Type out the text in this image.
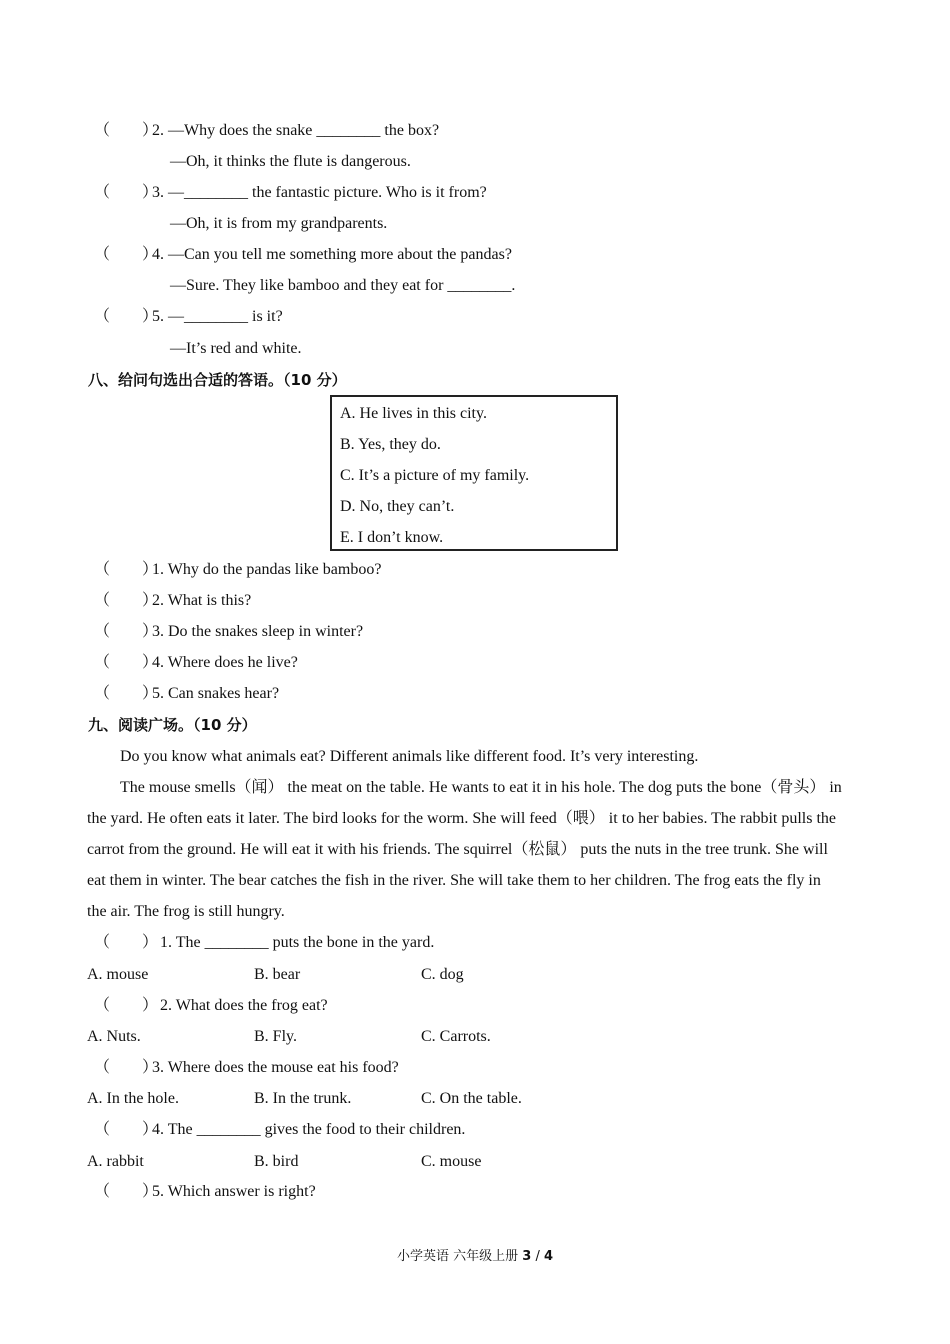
（　　）2. —Why does the snake ________ the box?
—Oh, it thinks the flute is dangerous.
（　　）3. —________ the fantastic picture. Who is it from?
—Oh, it is from my grandparents.
（　　）4. —Can you tell me something more about the pandas?
—Sure. They like bamboo and they eat for ________.
（　　）5. —________ is it?
—It’s red and white.
八、给问句选出合适的答语。（10 分）
A. He lives in this city.
B. Yes, they do.
C. It’s a picture of my family.
D. No, they can’t.
E. I don’t know.
（　　）1. Why do the pandas like bamboo?
（　　）2. What is this?
（　　）3. Do the snakes sleep in winter?
（　　）4. Where does he live?
（　　）5. Can snakes hear?
九、阅读广场。（10 分）
Do you know what animals eat? Different animals like different food. It’s very interesting.
The mouse smells（闻） the meat on the table. He wants to eat it in his hole. The dog puts the bone（骨头） in
the yard. He often eats it later. The bird looks for the worm. She will feed（喂） it to her babies. The rabbit pulls the
carrot from the ground. He will eat it with his friends. The squirrel（松鼠） puts the nuts in the tree trunk. She will
eat them in winter. The bear catches the fish in the river. She will take them to her children. The frog eats the fly in
the air. The frog is still hungry.
（　　） 1. The ________ puts the bone in the yard.
A. mouse	B. bear	C. dog
（　　） 2. What does the frog eat?
A. Nuts.	B. Fly.	C. Carrots.
（　　）3. Where does the mouse eat his food?
A. In the hole.	B. In the trunk.	C. On the table.
（　　）4. The ________ gives the food to their children.
A. rabbit	B. bird	C. mouse
（　　）5. Which answer is right?
小学英语 六年级上册 3 / 4
